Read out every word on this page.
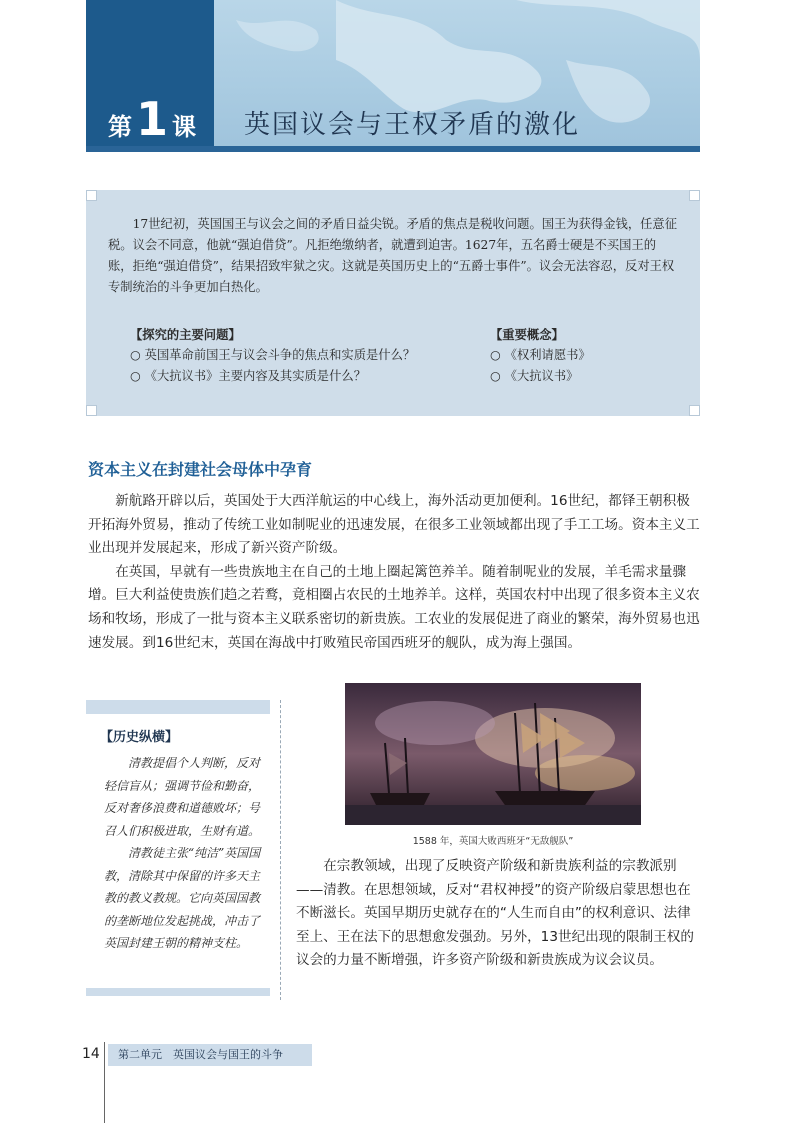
第 1 课 英国议会与王权矛盾的激化

17世纪初，英国国王与议会之间的矛盾日益尖锐。矛盾的焦点是税收问题。国王为获得金钱，任意征税。议会不同意，他就“强迫借贷”。凡拒绝缴纳者，就遭到迫害。1627年，五名爵士硬是不买国王的账，拒绝“强迫借贷”，结果招致牢狱之灾。这就是英国历史上的“五爵士事件”。议会无法容忍，反对王权专制统治的斗争更加白热化。

【探究的主要问题】
○ 英国革命前国王与议会斗争的焦点和实质是什么？
○ 《大抗议书》主要内容及其实质是什么？
【重要概念】
○ 《权利请愿书》
○ 《大抗议书》
资本主义在封建社会母体中孕育

新航路开辟以后，英国处于大西洋航运的中心线上，海外活动更加便利。16世纪，都铎王朝积极开拓海外贸易，推动了传统工业如制呢业的迅速发展，在很多工业领域都出现了手工工场。资本主义工业出现并发展起来，形成了新兴资产阶级。

在英国，早就有一些贵族地主在自己的土地上圈起篱笆养羊。随着制呢业的发展，羊毛需求量骤增。巨大利益使贵族们趋之若鹜，竟相圈占农民的土地养羊。这样，英国农村中出现了很多资本主义农场和牧场，形成了一批与资本主义联系密切的新贵族。工农业的发展促进了商业的繁荣，海外贸易也迅速发展。到16世纪末，英国在海战中打败殖民帝国西班牙的舰队，成为海上强国。

【历史纵横】

清教提倡个人判断，反对轻信盲从；强调节俭和勤奋，反对奢侈浪费和道德败坏；号召人们积极进取，生财有道。

清教徒主张“纯洁”英国国教，清除其中保留的许多天主教的教义教规。它向英国国教的垄断地位发起挑战，冲击了英国封建王朝的精神支柱。

1588 年，英国大败西班牙“无敌舰队”

在宗教领域，出现了反映资产阶级和新贵族利益的宗教派别——清教。在思想领域，反对“君权神授”的资产阶级启蒙思想也在不断滋长。英国早期历史就存在的“人生而自由”的权利意识、法律至上、王在法下的思想愈发强劲。另外，13世纪出现的限制王权的议会的力量不断增强，许多资产阶级和新贵族成为议会议员。

14	第二单元　英国议会与国王的斗争
